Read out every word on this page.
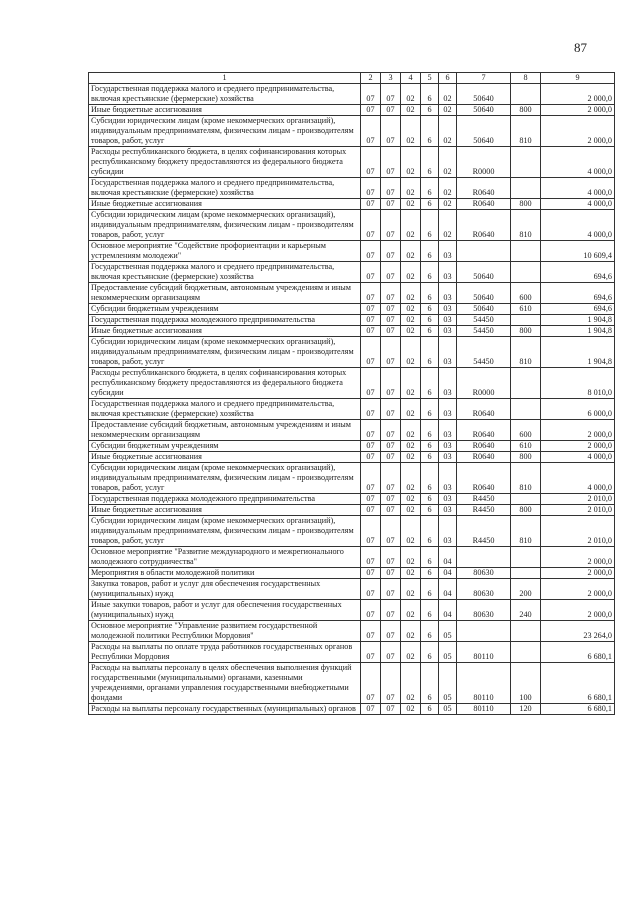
87
1	2	3	4	5	6	7	8	9
Государственная поддержка малого и среднего предпринимательства, включая крестьянские (фермерские) хозяйства	07	07	02	6	02	50640		2 000,0
Иные бюджетные ассигнования	07	07	02	6	02	50640	800	2 000,0
Субсидии юридическим лицам (кроме некоммерческих организаций), индивидуальным предпринимателям, физическим лицам - производителям товаров, работ, услуг	07	07	02	6	02	50640	810	2 000,0
Расходы республиканского бюджета, в целях софинансирования которых республиканскому бюджету предоставляются из федерального бюджета субсидии	07	07	02	6	02	R0000		4 000,0
Государственная поддержка малого и среднего предпринимательства, включая крестьянские (фермерские) хозяйства	07	07	02	6	02	R0640		4 000,0
Иные бюджетные ассигнования	07	07	02	6	02	R0640	800	4 000,0
Субсидии юридическим лицам (кроме некоммерческих организаций), индивидуальным предпринимателям, физическим лицам - производителям товаров, работ, услуг	07	07	02	6	02	R0640	810	4 000,0
Основное мероприятие "Содействие профориентации и карьерным устремлениям молодежи"	07	07	02	6	03			10 609,4
Государственная поддержка малого и среднего предпринимательства, включая крестьянские (фермерские) хозяйства	07	07	02	6	03	50640		694,6
Предоставление субсидий бюджетным, автономным учреждениям и иным некоммерческим организациям	07	07	02	6	03	50640	600	694,6
Субсидии бюджетным учреждениям	07	07	02	6	03	50640	610	694,6
Государственная поддержка молодежного предпринимательства	07	07	02	6	03	54450		1 904,8
Иные бюджетные ассигнования	07	07	02	6	03	54450	800	1 904,8
Субсидии юридическим лицам (кроме некоммерческих организаций), индивидуальным предпринимателям, физическим лицам - производителям товаров, работ, услуг	07	07	02	6	03	54450	810	1 904,8
Расходы республиканского бюджета, в целях софинансирования которых республиканскому бюджету предоставляются из федерального бюджета субсидии	07	07	02	6	03	R0000		8 010,0
Государственная поддержка малого и среднего предпринимательства, включая крестьянские (фермерские) хозяйства	07	07	02	6	03	R0640		6 000,0
Предоставление субсидий бюджетным, автономным учреждениям и иным некоммерческим организациям	07	07	02	6	03	R0640	600	2 000,0
Субсидии бюджетным учреждениям	07	07	02	6	03	R0640	610	2 000,0
Иные бюджетные ассигнования	07	07	02	6	03	R0640	800	4 000,0
Субсидии юридическим лицам (кроме некоммерческих организаций), индивидуальным предпринимателям, физическим лицам - производителям товаров, работ, услуг	07	07	02	6	03	R0640	810	4 000,0
Государственная поддержка молодежного предпринимательства	07	07	02	6	03	R4450		2 010,0
Иные бюджетные ассигнования	07	07	02	6	03	R4450	800	2 010,0
Субсидии юридическим лицам (кроме некоммерческих организаций), индивидуальным предпринимателям, физическим лицам - производителям товаров, работ, услуг	07	07	02	6	03	R4450	810	2 010,0
Основное мероприятие "Развитие международного и межрегионального молодежного сотрудничества"	07	07	02	6	04			2 000,0
Мероприятия в области молодежной политики	07	07	02	6	04	80630		2 000,0
Закупка товаров, работ и услуг для обеспечения государственных (муниципальных) нужд	07	07	02	6	04	80630	200	2 000,0
Иные закупки товаров, работ и услуг для обеспечения государственных (муниципальных) нужд	07	07	02	6	04	80630	240	2 000,0
Основное мероприятие "Управление развитием государственной молодежной политики Республики Мордовия"	07	07	02	6	05			23 264,0
Расходы на выплаты по оплате труда работников государственных органов Республики Мордовия	07	07	02	6	05	80110		6 680,1
Расходы на выплаты персоналу в целях обеспечения выполнения функций государственными (муниципальными) органами, казенными учреждениями, органами управления государственными внебюджетными фондами	07	07	02	6	05	80110	100	6 680,1
Расходы на выплаты персоналу государственных (муниципальных) органов	07	07	02	6	05	80110	120	6 680,1
